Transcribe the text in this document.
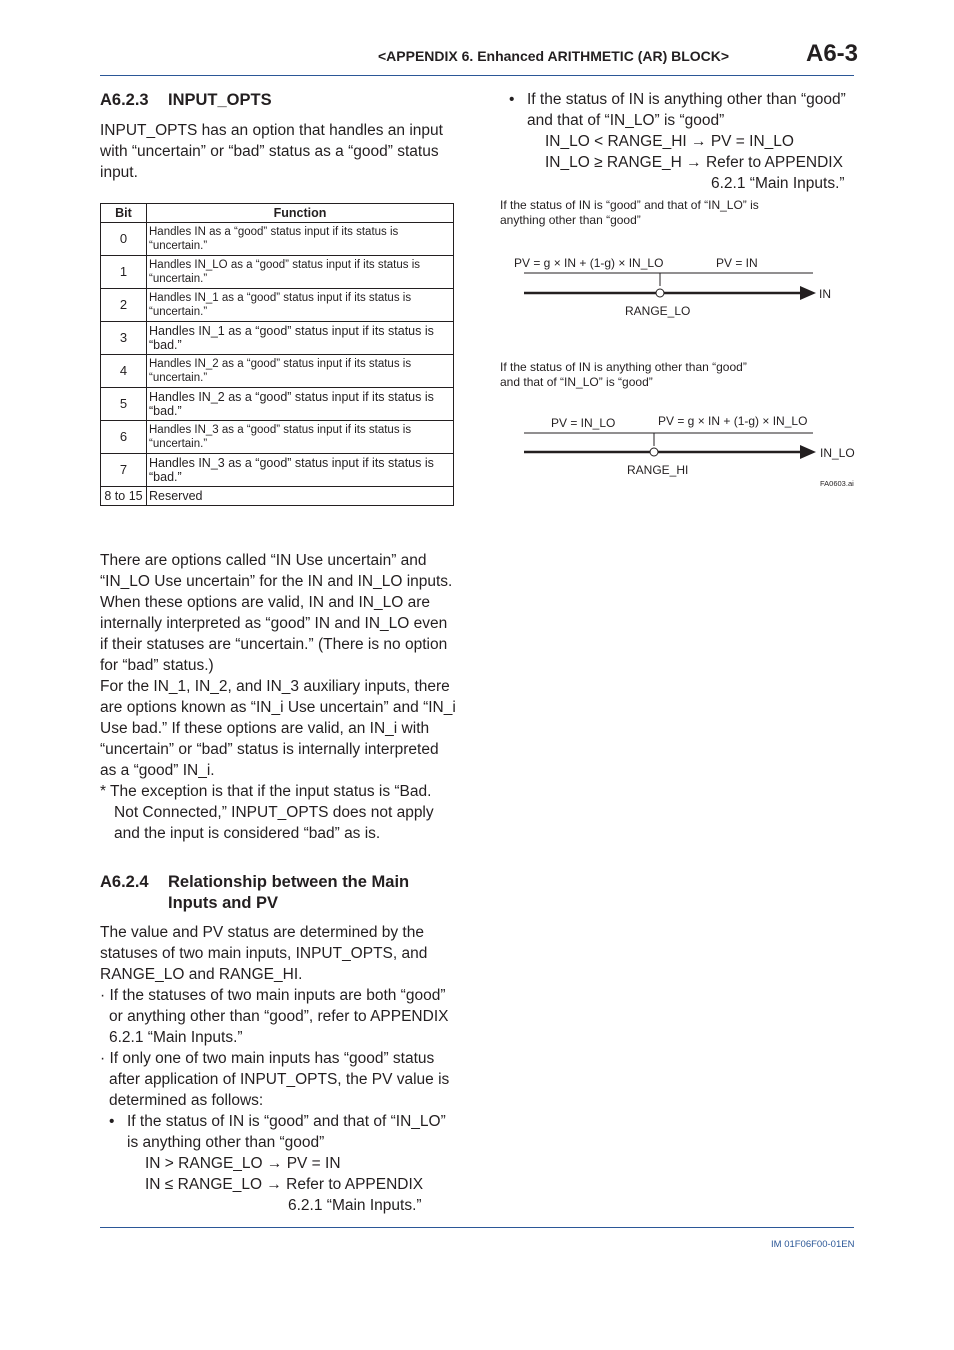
<APPENDIX 6. Enhanced ARITHMETIC (AR) BLOCK>	A6-3
A6.2.3 INPUT_OPTS
INPUT_OPTS has an option that handles an input
with “uncertain” or “bad” status as a “good” status
input.
Bit	Function
0	Handles IN as a “good” status input if its status is “uncertain.”
1	Handles IN_LO as a “good” status input if its status is “uncertain.”
2	Handles IN_1 as a “good” status input if its status is “uncertain.”
3	Handles IN_1 as a “good” status input if its status is “bad.”
4	Handles IN_2 as a “good” status input if its status is “uncertain.”
5	Handles IN_2 as a “good” status input if its status is “bad.”
6	Handles IN_3 as a “good” status input if its status is “uncertain.”
7	Handles IN_3 as a “good” status input if its status is “bad.”
8 to 15	Reserved
There are options called “IN Use uncertain” and
“IN_LO Use uncertain” for the IN and IN_LO inputs.
When these options are valid, IN and IN_LO are
internally interpreted as “good” IN and IN_LO even
if their statuses are “uncertain.” (There is no option
for “bad” status.)
For the IN_1, IN_2, and IN_3 auxiliary inputs, there
are options known as “IN_i Use uncertain” and “IN_i
Use bad.” If these options are valid, an IN_i with
“uncertain” or “bad” status is internally interpreted
as a “good” IN_i.
* The exception is that if the input status is “Bad.
Not Connected,” INPUT_OPTS does not apply
and the input is considered “bad” as is.
A6.2.4 Relationship between the Main
Inputs and PV
The value and PV status are determined by the
statuses of two main inputs, INPUT_OPTS, and
RANGE_LO and RANGE_HI.
· If the statuses of two main inputs are both “good”
or anything other than “good”, refer to APPENDIX
6.2.1 “Main Inputs.”
· If only one of two main inputs has “good” status
after application of INPUT_OPTS, the PV value is
determined as follows:
• If the status of IN is “good” and that of “IN_LO”
is anything other than “good”
IN > RANGE_LO → PV = IN
IN ≤ RANGE_LO → Refer to APPENDIX
6.2.1 “Main Inputs.”
• If the status of IN is anything other than “good”
and that of “IN_LO” is “good”
IN_LO < RANGE_HI → PV = IN_LO
IN_LO ≥ RANGE_H → Refer to APPENDIX
6.2.1 “Main Inputs.”
If the status of IN is “good” and that of “IN_LO” is
anything other than “good”
PV = g × IN + (1-g) × IN_LO	PV = IN
IN
RANGE_LO
If the status of IN is anything other than “good”
and that of “IN_LO” is “good”
PV = IN_LO	PV = g × IN + (1-g) × IN_LO
IN_LO
RANGE_HI
FA0603.ai
IM 01F06F00-01EN
